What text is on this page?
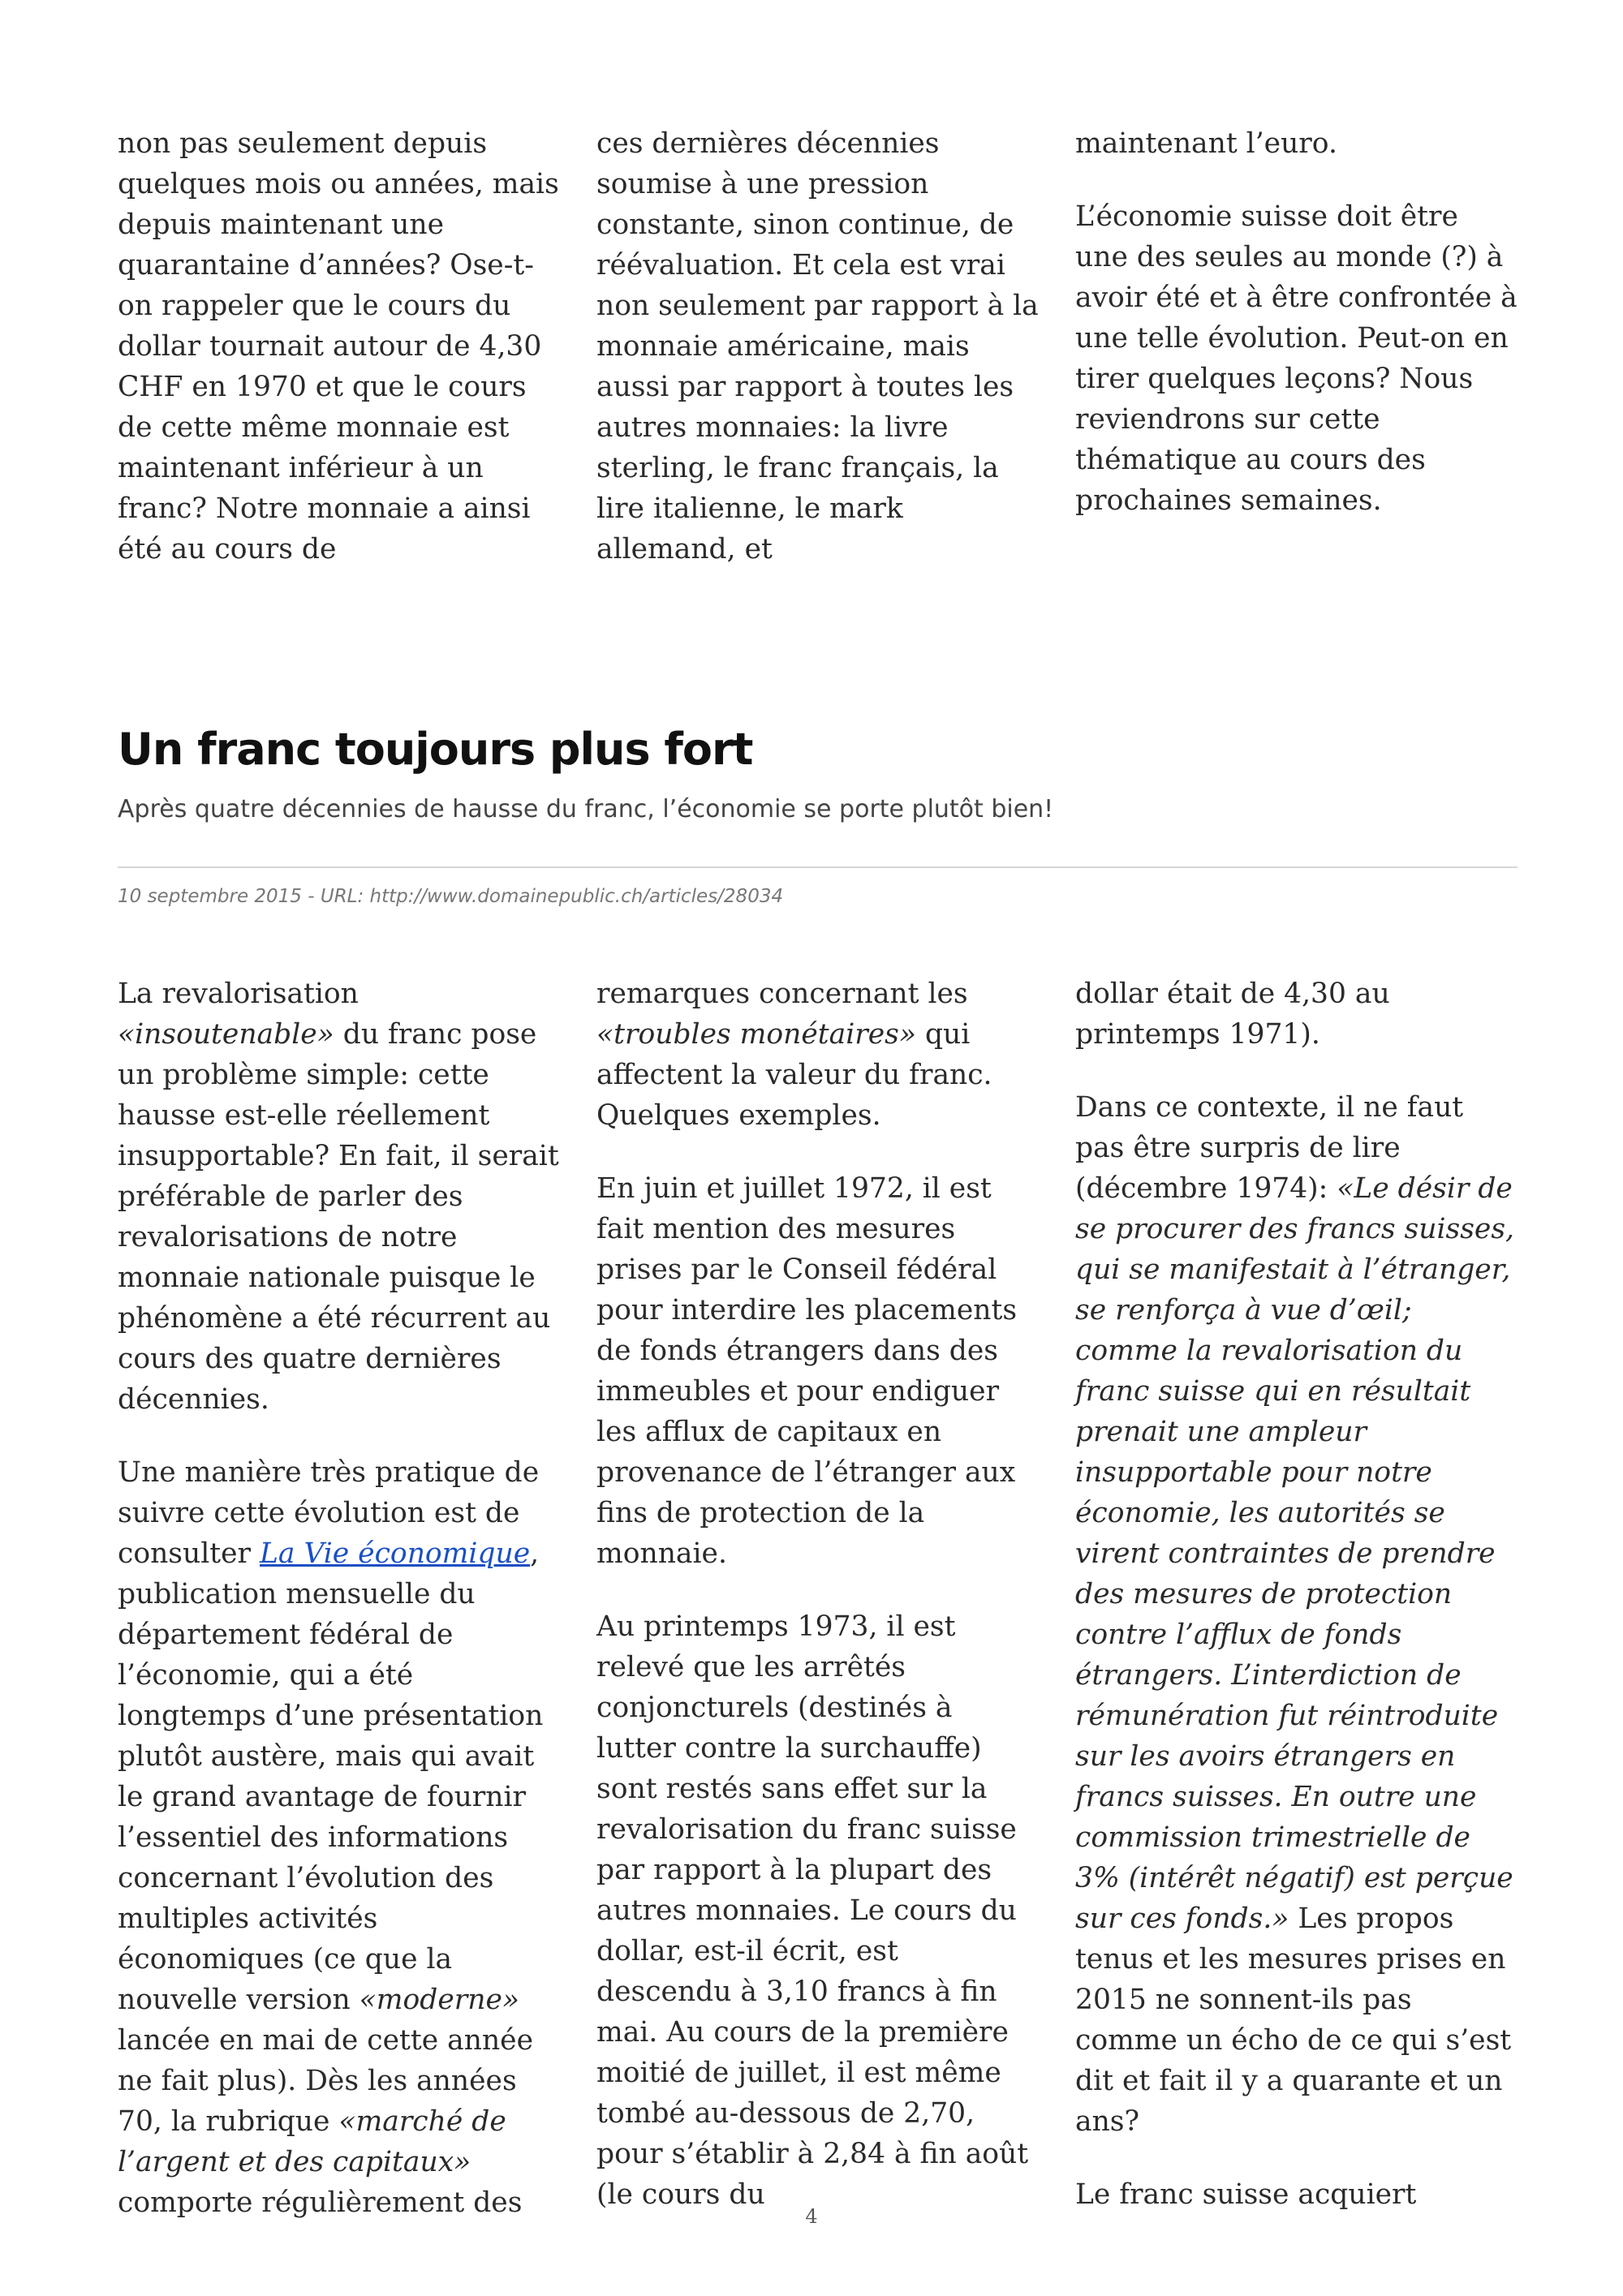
non pas seulement depuis quelques mois ou années, mais depuis maintenant une quarantaine d’années? Ose-t-on rappeler que le cours du dollar tournait autour de 4,30 CHF en 1970 et que le cours de cette même monnaie est maintenant inférieur à un franc? Notre monnaie a ainsi été au cours de

ces dernières décennies soumise à une pression constante, sinon continue, de réévaluation. Et cela est vrai non seulement par rapport à la monnaie américaine, mais aussi par rapport à toutes les autres monnaies: la livre sterling, le franc français, la lire italienne, le mark allemand, et

maintenant l’euro.

L’économie suisse doit être une des seules au monde (?) à avoir été et à être confrontée à une telle évolution. Peut-on en tirer quelques leçons? Nous reviendrons sur cette thématique au cours des prochaines semaines.

Un franc toujours plus fort

Après quatre décennies de hausse du franc, l’économie se porte plutôt bien!

10 septembre 2015 - URL: http://www.domainepublic.ch/articles/28034

La revalorisation «insoutenable» du franc pose un problème simple: cette hausse est-elle réellement insupportable? En fait, il serait préférable de parler des revalorisations de notre monnaie nationale puisque le phénomène a été récurrent au cours des quatre dernières décennies.

Une manière très pratique de suivre cette évolution est de consulter La Vie économique, publication mensuelle du département fédéral de l’économie, qui a été longtemps d’une présentation plutôt austère, mais qui avait le grand avantage de fournir l’essentiel des informations concernant l’évolution des multiples activités économiques (ce que la nouvelle version «moderne» lancée en mai de cette année ne fait plus). Dès les années 70, la rubrique «marché de l’argent et des capitaux» comporte régulièrement des

remarques concernant les «troubles monétaires» qui affectent la valeur du franc. Quelques exemples.

En juin et juillet 1972, il est fait mention des mesures prises par le Conseil fédéral pour interdire les placements de fonds étrangers dans des immeubles et pour endiguer les afflux de capitaux en provenance de l’étranger aux fins de protection de la monnaie.

Au printemps 1973, il est relevé que les arrêtés conjoncturels (destinés à lutter contre la surchauffe) sont restés sans effet sur la revalorisation du franc suisse par rapport à la plupart des autres monnaies. Le cours du dollar, est-il écrit, est descendu à 3,10 francs à fin mai. Au cours de la première moitié de juillet, il est même tombé au-dessous de 2,70, pour s’établir à 2,84 à fin août (le cours du

dollar était de 4,30 au printemps 1971).

Dans ce contexte, il ne faut pas être surpris de lire (décembre 1974): «Le désir de se procurer des francs suisses, qui se manifestait à l’étranger, se renforça à vue d’œil; comme la revalorisation du franc suisse qui en résultait prenait une ampleur insupportable pour notre économie, les autorités se virent contraintes de prendre des mesures de protection contre l’afflux de fonds étrangers. L’interdiction de rémunération fut réintroduite sur les avoirs étrangers en francs suisses. En outre une commission trimestrielle de 3% (intérêt négatif) est perçue sur ces fonds.» Les propos tenus et les mesures prises en 2015 ne sonnent-ils pas comme un écho de ce qui s’est dit et fait il y a quarante et un ans?

Le franc suisse acquiert

4
